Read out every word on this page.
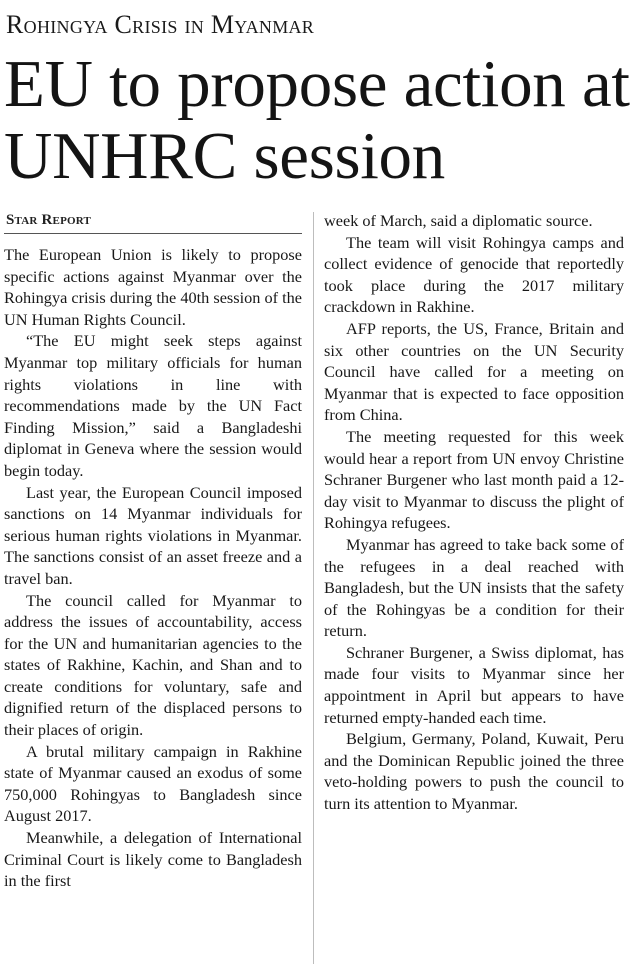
Rohingya Crisis in Myanmar
EU to propose action at UNHRC session
Star Report

The European Union is likely to propose specific actions against Myanmar over the Rohingya crisis during the 40th session of the UN Human Rights Council.

“The EU might seek steps against Myanmar top military officials for human rights violations in line with recommendations made by the UN Fact Finding Mission,” said a Bangladeshi diplomat in Geneva where the session would begin today.

Last year, the European Council imposed sanctions on 14 Myanmar individuals for serious human rights violations in Myanmar. The sanctions consist of an asset freeze and a travel ban.

The council called for Myanmar to address the issues of accountability, access for the UN and humanitarian agencies to the states of Rakhine, Kachin, and Shan and to create conditions for voluntary, safe and dignified return of the displaced persons to their places of origin.

A brutal military campaign in Rakhine state of Myanmar caused an exodus of some 750,000 Rohingyas to Bangladesh since August 2017.

Meanwhile, a delegation of International Criminal Court is likely come to Bangladesh in the first

week of March, said a diplomatic source.

The team will visit Rohingya camps and collect evidence of genocide that reportedly took place during the 2017 military crackdown in Rakhine.

AFP reports, the US, France, Britain and six other countries on the UN Security Council have called for a meeting on Myanmar that is expected to face opposition from China.

The meeting requested for this week would hear a report from UN envoy Christine Schraner Burgener who last month paid a 12-day visit to Myanmar to discuss the plight of Rohingya refugees.

Myanmar has agreed to take back some of the refugees in a deal reached with Bangladesh, but the UN insists that the safety of the Rohingyas be a condition for their return.

Schraner Burgener, a Swiss diplomat, has made four visits to Myanmar since her appointment in April but appears to have returned empty-handed each time.

Belgium, Germany, Poland, Kuwait, Peru and the Dominican Republic joined the three veto-holding powers to push the council to turn its attention to Myanmar.
